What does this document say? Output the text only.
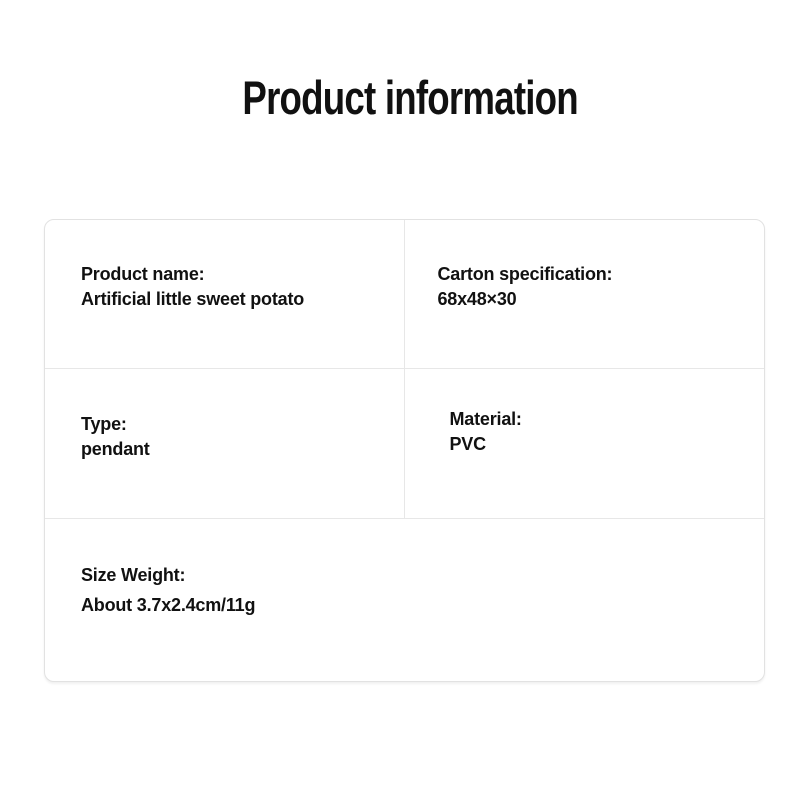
Product information
Product name:
Artificial little sweet potato
Carton specification:
68x48×30
Type:
pendant
Material:
PVC
Size Weight:
About 3.7x2.4cm/11g
